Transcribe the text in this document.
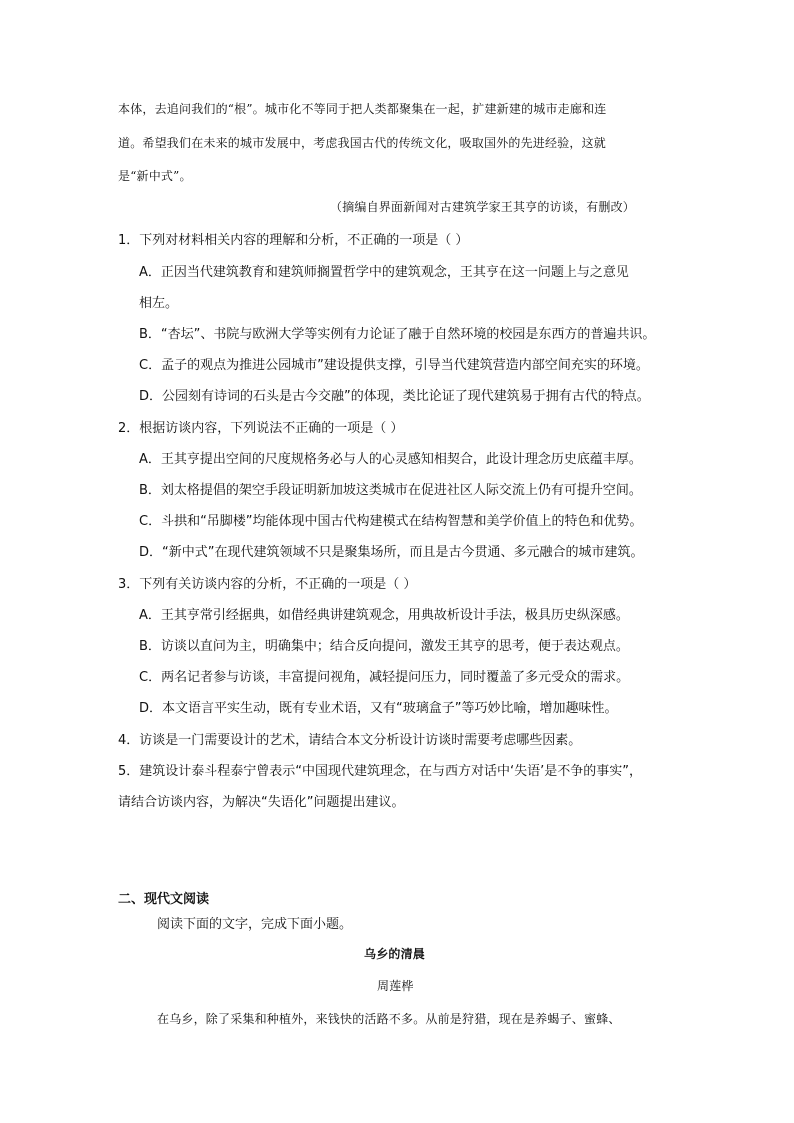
本体，去追问我们的“根”。城市化不等同于把人类都聚集在一起，扩建新建的城市走廊和连
道。希望我们在未来的城市发展中，考虑我国古代的传统文化，吸取国外的先进经验，这就
是“新中式”。
（摘编自界面新闻对古建筑学家王其亨的访谈，有删改）
1．下列对材料相关内容的理解和分析，不正确的一项是（ ）
A．正因当代建筑教育和建筑师搁置哲学中的建筑观念，王其亨在这一问题上与之意见
相左。
B．“杏坛”、书院与欧洲大学等实例有力论证了融于自然环境的校园是东西方的普遍共识。
C．孟子的观点为推进公园城市”建设提供支撑，引导当代建筑营造内部空间充实的环境。
D．公园刻有诗词的石头是古今交融”的体现，类比论证了现代建筑易于拥有古代的特点。
2．根据访谈内容，下列说法不正确的一项是（ ）
A．王其亨提出空间的尺度规格务必与人的心灵感知相契合，此设计理念历史底蕴丰厚。
B．刘太格提倡的架空手段证明新加坡这类城市在促进社区人际交流上仍有可提升空间。
C．斗拱和“吊脚楼”均能体现中国古代构建模式在结构智慧和美学价值上的特色和优势。
D．“新中式”在现代建筑领域不只是聚集场所，而且是古今贯通、多元融合的城市建筑。
3．下列有关访谈内容的分析，不正确的一项是（ ）
A．王其亨常引经据典，如借经典讲建筑观念，用典故析设计手法，极具历史纵深感。
B．访谈以直问为主，明确集中；结合反向提问，激发王其亨的思考，便于表达观点。
C．两名记者参与访谈，丰富提问视角，减轻提问压力，同时覆盖了多元受众的需求。
D．本文语言平实生动，既有专业术语，又有“玻璃盒子”等巧妙比喻，增加趣味性。
4．访谈是一门需要设计的艺术，请结合本文分析设计访谈时需要考虑哪些因素。
5．建筑设计泰斗程泰宁曾表示“中国现代建筑理念，在与西方对话中‘失语’是不争的事实”，
请结合访谈内容，为解决“失语化”问题提出建议。
二、现代文阅读
阅读下面的文字，完成下面小题。
乌乡的清晨
周莲桦
在乌乡，除了采集和种植外，来钱快的活路不多。从前是狩猎，现在是养蝎子、蜜蜂、
